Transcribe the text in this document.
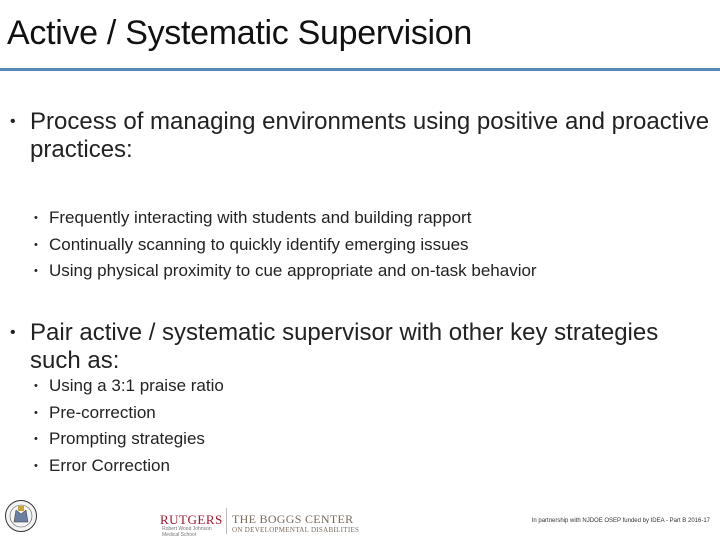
Active / Systematic Supervision
• Process of managing environments using positive and proactive practices:
• Frequently interacting with students and building rapport
• Continually scanning to quickly identify emerging issues
• Using physical proximity to cue appropriate and on-task behavior
• Pair active / systematic supervisor with other key strategies such as:
• Using a 3:1 praise ratio
• Pre-correction
• Prompting strategies
• Error Correction
RUTGERS
Robert Wood Johnson Medical School
THE BOGGS CENTER
ON DEVELOPMENTAL DISABILITIES
In partnership with NJDOE OSEP funded by IDEA - Part B 2016-17
